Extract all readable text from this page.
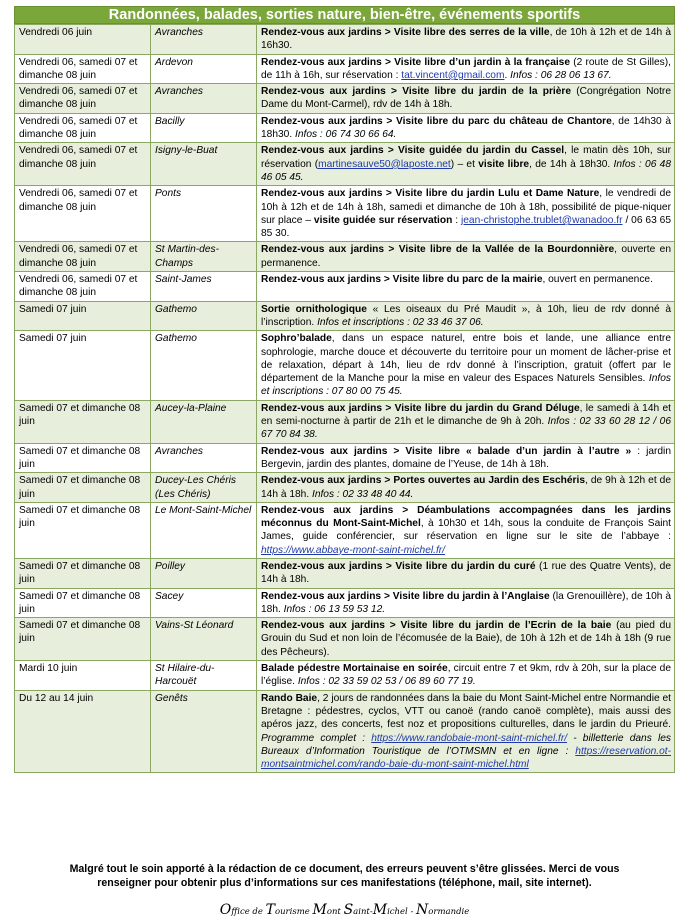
Randonnées, balades, sorties nature, bien-être, événements sportifs
Vendredi 06 juin	Avranches	Rendez-vous aux jardins > Visite libre des serres de la ville, de 10h à 12h et de 14h à 16h30.
Vendredi 06, samedi 07 et dimanche 08 juin	Ardevon	Rendez-vous aux jardins > Visite libre d’un jardin à la française (2 route de St Gilles), de 11h à 16h, sur réservation : tat.vincent@gmail.com. Infos : 06 28 06 13 67.
Vendredi 06, samedi 07 et dimanche 08 juin	Avranches	Rendez-vous aux jardins > Visite libre du jardin de la prière (Congrégation Notre Dame du Mont-Carmel), rdv de 14h à 18h.
Vendredi 06, samedi 07 et dimanche 08 juin	Bacilly	Rendez-vous aux jardins > Visite libre du parc du château de Chantore, de 14h30 à 18h30. Infos : 06 74 30 66 64.
Vendredi 06, samedi 07 et dimanche 08 juin	Isigny-le-Buat	Rendez-vous aux jardins > Visite guidée du jardin du Cassel, le matin dès 10h, sur réservation (martinesauve50@laposte.net) – et visite libre, de 14h à 18h30. Infos : 06 48 46 05 45.
Vendredi 06, samedi 07 et dimanche 08 juin	Ponts	Rendez-vous aux jardins > Visite libre du jardin Lulu et Dame Nature, le vendredi de 10h à 12h et de 14h à 18h, samedi et dimanche de 10h à 18h, possibilité de pique-niquer sur place – visite guidée sur réservation : jean-christophe.trublet@wanadoo.fr / 06 63 65 85 30.
Vendredi 06, samedi 07 et dimanche 08 juin	St Martin-des-Champs	Rendez-vous aux jardins > Visite libre de la Vallée de la Bourdonnière, ouverte en permanence.
Vendredi 06, samedi 07 et dimanche 08 juin	Saint-James	Rendez-vous aux jardins > Visite libre du parc de la mairie, ouvert en permanence.
Samedi 07 juin	Gathemo	Sortie ornithologique « Les oiseaux du Pré Maudit », à 10h, lieu de rdv donné à l’inscription. Infos et inscriptions : 02 33 46 37 06.
Samedi 07 juin	Gathemo	Sophro’balade, dans un espace naturel, entre bois et lande, une alliance entre sophrologie, marche douce et découverte du territoire pour un moment de lâcher-prise et de relaxation, départ à 14h, lieu de rdv donné à l’inscription, gratuit (offert par le département de la Manche pour la mise en valeur des Espaces Naturels Sensibles. Infos et inscriptions : 07 80 00 75 45.
Samedi 07 et dimanche 08 juin	Aucey-la-Plaine	Rendez-vous aux jardins > Visite libre du jardin du Grand Déluge, le samedi à 14h et en semi-nocturne à partir de 21h et le dimanche de 9h à 20h. Infos : 02 33 60 28 12 / 06 67 70 84 38.
Samedi 07 et dimanche 08 juin	Avranches	Rendez-vous aux jardins > Visite libre « balade d’un jardin à l’autre » : jardin Bergevin, jardin des plantes, domaine de l’Yeuse, de 14h à 18h.
Samedi 07 et dimanche 08 juin	Ducey-Les Chéris (Les Chéris)	Rendez-vous aux jardins > Portes ouvertes au Jardin des Eschéris, de 9h à 12h et de 14h à 18h. Infos : 02 33 48 40 44.
Samedi 07 et dimanche 08 juin	Le Mont-Saint-Michel	Rendez-vous aux jardins > Déambulations accompagnées dans les jardins méconnus du Mont-Saint-Michel, à 10h30 et 14h, sous la conduite de François Saint James, guide conférencier, sur réservation en ligne sur le site de l’abbaye : https://www.abbaye-mont-saint-michel.fr/
Samedi 07 et dimanche 08 juin	Poilley	Rendez-vous aux jardins > Visite libre du jardin du curé (1 rue des Quatre Vents), de 14h à 18h.
Samedi 07 et dimanche 08 juin	Sacey	Rendez-vous aux jardins > Visite libre du jardin à l’Anglaise (la Grenouillère), de 10h à 18h. Infos : 06 13 59 53 12.
Samedi 07 et dimanche 08 juin	Vains-St Léonard	Rendez-vous aux jardins > Visite libre du jardin de l’Ecrin de la baie (au pied du Grouin du Sud et non loin de l’écomusée de la Baie), de 10h à 12h et de 14h à 18h (9 rue des Pêcheurs).
Mardi 10 juin	St Hilaire-du-Harcouët	Balade pédestre Mortainaise en soirée, circuit entre 7 et 9km, rdv à 20h, sur la place de l’église. Infos : 02 33 59 02 53 / 06 89 60 77 19.
Du 12 au 14 juin	Genêts	Rando Baie, 2 jours de randonnées dans la baie du Mont Saint-Michel entre Normandie et Bretagne : pédestres, cyclos, VTT ou canoë (rando canoë complète), mais aussi des apéros jazz, des concerts, fest noz et propositions culturelles, dans le jardin du Prieuré. Programme complet : https://www.randobaie-mont-saint-michel.fr/ - billetterie dans les Bureaux d’Information Touristique de l’OTMSMN et en ligne : https://reservation.ot-montsaintmichel.com/rando-baie-du-mont-saint-michel.html
Malgré tout le soin apporté à la rédaction de ce document, des erreurs peuvent s’être glissées. Merci de vous
renseigner pour obtenir plus d’informations sur ces manifestations (téléphone, mail, site internet).
Office de Tourisme Mont Saint-Michel - Normandie
